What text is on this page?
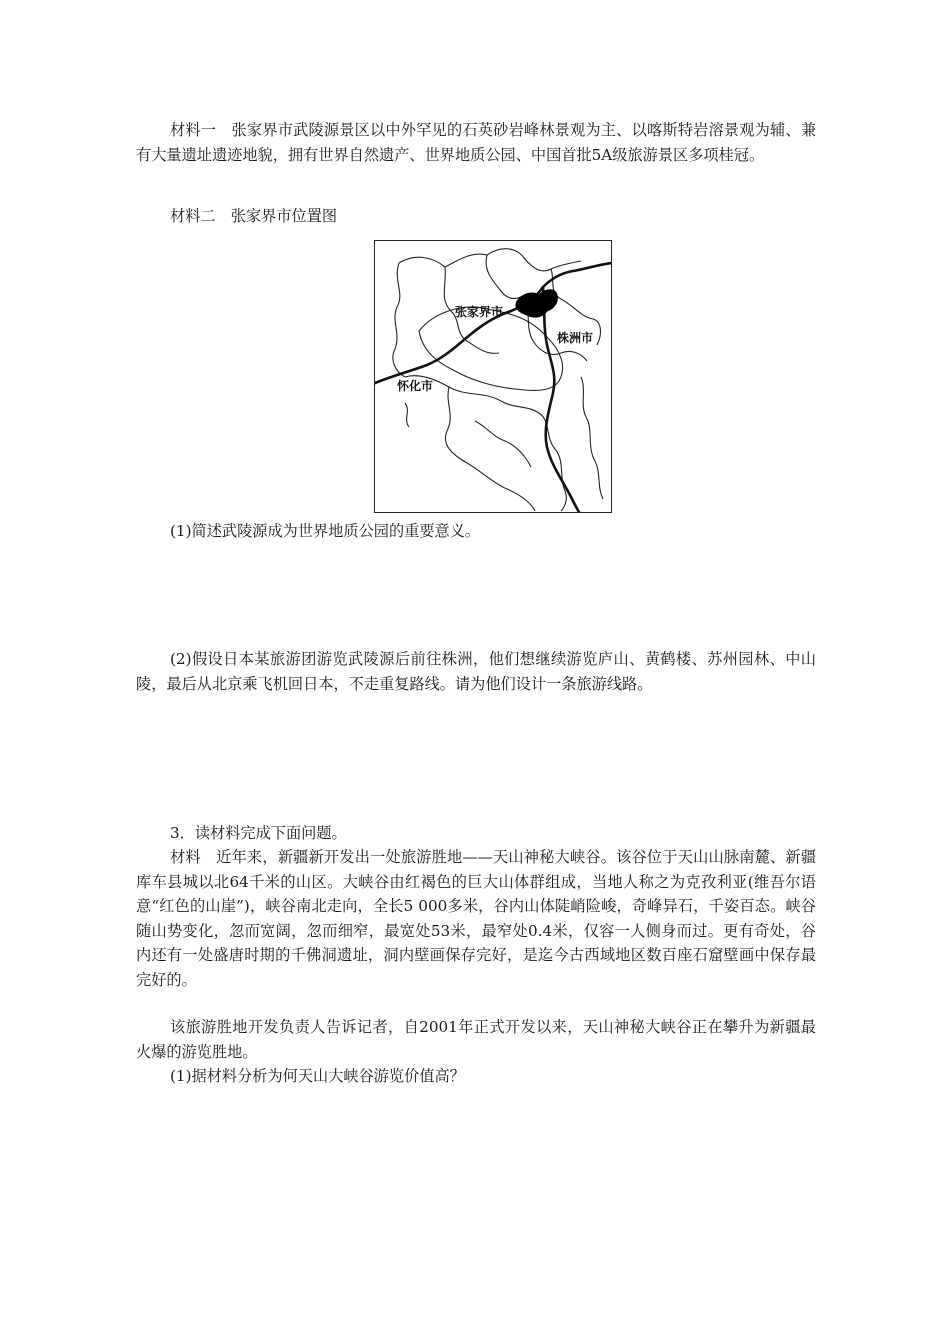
材料一　张家界市武陵源景区以中外罕见的石英砂岩峰林景观为主、以喀斯特岩溶景观为辅、兼有大量遗址遗迹地貌，拥有世界自然遗产、世界地质公园、中国首批5A级旅游景区多项桂冠。

材料二　张家界市位置图

张家界市
株洲市
怀化市

(1)简述武陵源成为世界地质公园的重要意义。

(2)假设日本某旅游团游览武陵源后前往株洲，他们想继续游览庐山、黄鹤楼、苏州园林、中山陵，最后从北京乘飞机回日本，不走重复路线。请为他们设计一条旅游线路。

3．读材料完成下面问题。

材料　近年来，新疆新开发出一处旅游胜地——天山神秘大峡谷。该谷位于天山山脉南麓、新疆库车县城以北64千米的山区。大峡谷由红褐色的巨大山体群组成，当地人称之为克孜利亚(维吾尔语意“红色的山崖”)，峡谷南北走向，全长5 000多米，谷内山体陡峭险峻，奇峰异石，千姿百态。峡谷随山势变化，忽而宽阔，忽而细窄，最宽处53米，最窄处0.4米，仅容一人侧身而过。更有奇处，谷内还有一处盛唐时期的千佛洞遗址，洞内壁画保存完好，是迄今古西域地区数百座石窟壁画中保存最完好的。

该旅游胜地开发负责人告诉记者，自2001年正式开发以来，天山神秘大峡谷正在攀升为新疆最火爆的游览胜地。

(1)据材料分析为何天山大峡谷游览价值高？
